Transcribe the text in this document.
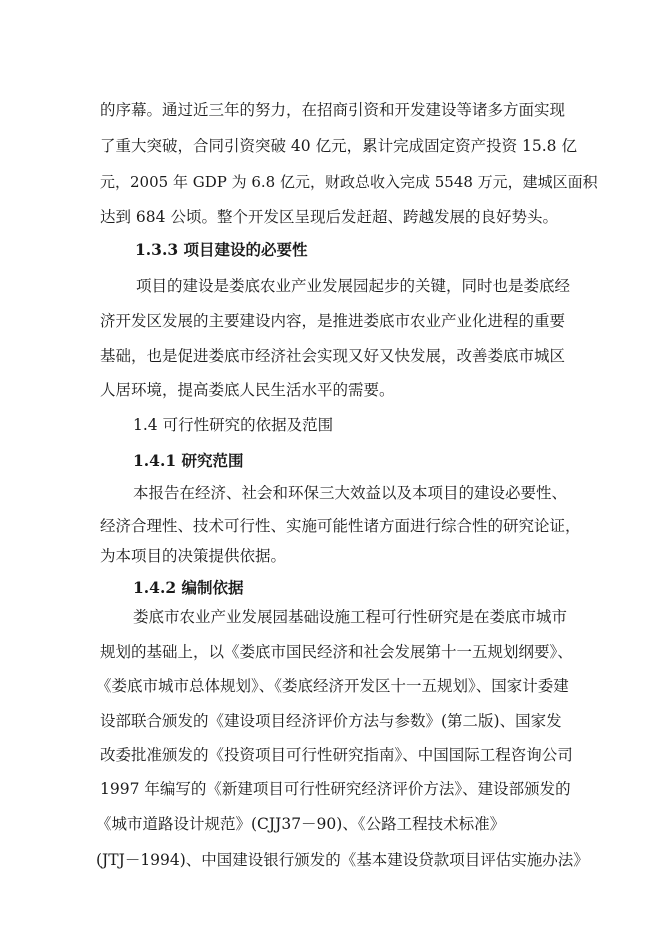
的序幕。通过近三年的努力，在招商引资和开发建设等诸多方面实现
了重大突破，合同引资突破 40 亿元，累计完成固定资产投资 15.8 亿
元，2005 年 GDP 为 6.8 亿元，财政总收入完成 5548 万元，建城区面积
达到 684 公顷。整个开发区呈现后发赶超、跨越发展的良好势头。
1.3.3 项目建设的必要性
项目的建设是娄底农业产业发展园起步的关键，同时也是娄底经
济开发区发展的主要建设内容，是推进娄底市农业产业化进程的重要
基础，也是促进娄底市经济社会实现又好又快发展，改善娄底市城区
人居环境，提高娄底人民生活水平的需要。
1.4 可行性研究的依据及范围
1.4.1 研究范围
本报告在经济、社会和环保三大效益以及本项目的建设必要性、
经济合理性、技术可行性、实施可能性诸方面进行综合性的研究论证，
为本项目的决策提供依据。
1.4.2 编制依据
娄底市农业产业发展园基础设施工程可行性研究是在娄底市城市
规划的基础上，以《娄底市国民经济和社会发展第十一五规划纲要》、
《娄底市城市总体规划》、《娄底经济开发区十一五规划》、国家计委建
设部联合颁发的《建设项目经济评价方法与参数》(第二版)、国家发
改委批准颁发的《投资项目可行性研究指南》、中国国际工程咨询公司
1997 年编写的《新建项目可行性研究经济评价方法》、建设部颁发的
《城市道路设计规范》(CJJ37－90)、《公路工程技术标准》
(JTJ－1994)、中国建设银行颁发的《基本建设贷款项目评估实施办法》
